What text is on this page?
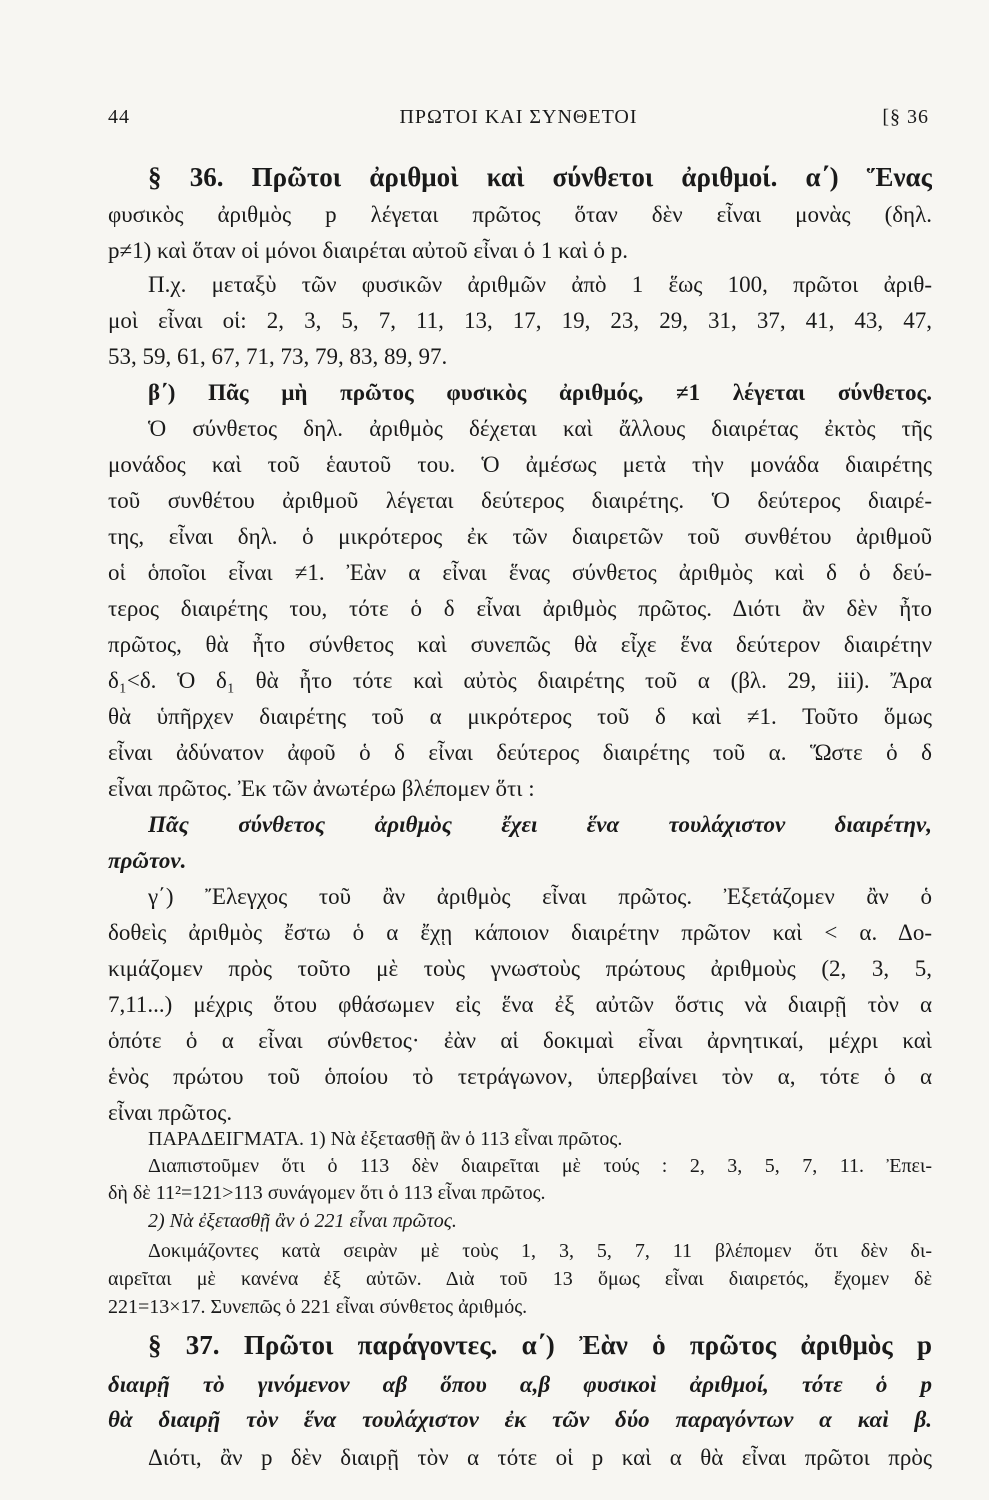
44	ΠΡΩΤΟΙ ΚΑΙ ΣΥΝΘΕΤΟΙ	[§ 36
§ 36. Πρῶτοι ἀριθμοὶ καὶ σύνθετοι ἀριθμοί. α΄) Ἕνας
φυσικὸς ἀριθμὸς p λέγεται πρῶτος ὅταν δὲν εἶναι μονὰς (δηλ.
p≠1) καὶ ὅταν οἱ μόνοι διαιρέται αὐτοῦ εἶναι ὁ 1 καὶ ὁ p.
Π.χ. μεταξὺ τῶν φυσικῶν ἀριθμῶν ἀπὸ 1 ἕως 100, πρῶτοι ἀριθ-
μοὶ εἶναι οἱ: 2, 3, 5, 7, 11, 13, 17, 19, 23, 29, 31, 37, 41, 43, 47,
53, 59, 61, 67, 71, 73, 79, 83, 89, 97.
β΄) Πᾶς μὴ πρῶτος φυσικὸς ἀριθμός, ≠1 λέγεται σύνθετος.
Ὁ σύνθετος δηλ. ἀριθμὸς δέχεται καὶ ἄλλους διαιρέτας ἐκτὸς τῆς
μονάδος καὶ τοῦ ἑαυτοῦ του. Ὁ ἀμέσως μετὰ τὴν μονάδα διαιρέτης
τοῦ συνθέτου ἀριθμοῦ λέγεται δεύτερος διαιρέτης. Ὁ δεύτερος διαιρέ-
της, εἶναι δηλ. ὁ μικρότερος ἐκ τῶν διαιρετῶν τοῦ συνθέτου ἀριθμοῦ
οἱ ὁποῖοι εἶναι ≠1. Ἐὰν α εἶναι ἕνας σύνθετος ἀριθμὸς καὶ δ ὁ δεύ-
τερος διαιρέτης του, τότε ὁ δ εἶναι ἀριθμὸς πρῶτος. Διότι ἂν δὲν ἦτο
πρῶτος, θὰ ἦτο σύνθετος καὶ συνεπῶς θὰ εἶχε ἕνα δεύτερον διαιρέτην
δ₁<δ. Ὁ δ₁ θὰ ἦτο τότε καὶ αὐτὸς διαιρέτης τοῦ α (βλ. 29, iii). Ἄρα
θὰ ὑπῆρχεν διαιρέτης τοῦ α μικρότερος τοῦ δ καὶ ≠1. Τοῦτο ὅμως
εἶναι ἀδύνατον ἀφοῦ ὁ δ εἶναι δεύτερος διαιρέτης τοῦ α. Ὥστε ὁ δ
εἶναι πρῶτος. Ἐκ τῶν ἀνωτέρω βλέπομεν ὅτι :
Πᾶς σύνθετος ἀριθμὸς ἔχει ἕνα τουλάχιστον διαιρέτην,
πρῶτον.
γ΄) Ἔλεγχος τοῦ ἂν ἀριθμὸς εἶναι πρῶτος. Ἐξετάζομεν ἂν ὁ
δοθεὶς ἀριθμὸς ἔστω ὁ α ἔχῃ κάποιον διαιρέτην πρῶτον καὶ < α. Δο-
κιμάζομεν πρὸς τοῦτο μὲ τοὺς γνωστοὺς πρώτους ἀριθμοὺς (2, 3, 5,
7,11...) μέχρις ὅτου φθάσωμεν εἰς ἕνα ἐξ αὐτῶν ὅστις νὰ διαιρῇ τὸν α
ὁπότε ὁ α εἶναι σύνθετος· ἐὰν αἱ δοκιμαὶ εἶναι ἀρνητικαί, μέχρι καὶ
ἑνὸς πρώτου τοῦ ὁποίου τὸ τετράγωνον, ὑπερβαίνει τὸν α, τότε ὁ α
εἶναι πρῶτος.
ΠΑΡΑΔΕΙΓΜΑΤΑ. 1) Νὰ ἐξετασθῇ ἂν ὁ 113 εἶναι πρῶτος.
Διαπιστοῦμεν ὅτι ὁ 113 δὲν διαιρεῖται μὲ τούς : 2, 3, 5, 7, 11. Ἐπει-
δὴ δὲ 11²=121>113 συνάγομεν ὅτι ὁ 113 εἶναι πρῶτος.
2) Νὰ ἐξετασθῇ ἂν ὁ 221 εἶναι πρῶτος.
Δοκιμάζοντες κατὰ σειρὰν μὲ τοὺς 1, 3, 5, 7, 11 βλέπομεν ὅτι δὲν δι-
αιρεῖται μὲ κανένα ἐξ αὐτῶν. Διὰ τοῦ 13 ὅμως εἶναι διαιρετός, ἔχομεν δὲ
221=13×17. Συνεπῶς ὁ 221 εἶναι σύνθετος ἀριθμός.
§ 37. Πρῶτοι παράγοντες. α΄) Ἐὰν ὁ πρῶτος ἀριθμὸς p
διαιρῇ τὸ γινόμενον αβ ὅπου α,β φυσικοὶ ἀριθμοί, τότε ὁ p
θὰ διαιρῇ τὸν ἕνα τουλάχιστον ἐκ τῶν δύο παραγόντων α καὶ β.
Διότι, ἂν p δὲν διαιρῇ τὸν α τότε οἱ p καὶ α θὰ εἶναι πρῶτοι πρὸς
